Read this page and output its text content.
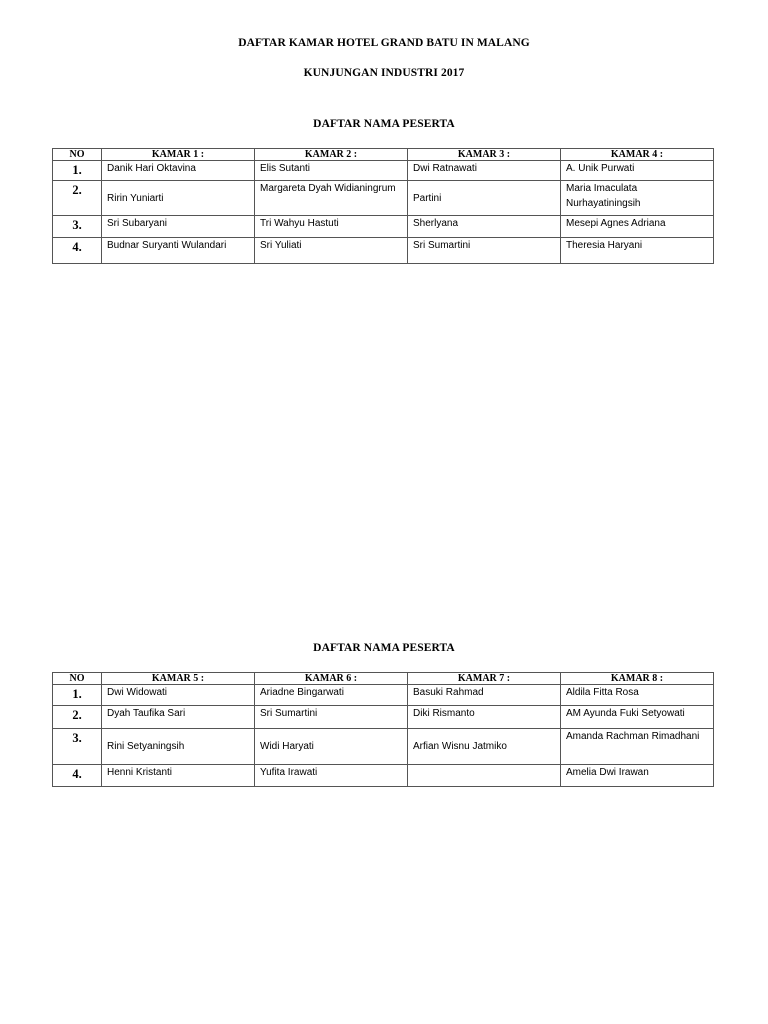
DAFTAR KAMAR HOTEL GRAND BATU IN MALANG
KUNJUNGAN INDUSTRI 2017
DAFTAR NAMA PESERTA
NO	KAMAR 1 :	KAMAR 2 :	KAMAR 3 :	KAMAR 4 :
1.	Danik Hari Oktavina	Elis Sutanti	Dwi Ratnawati	A. Unik Purwati
2.	Ririn Yuniarti	Margareta Dyah Widianingrum	Partini	Maria Imaculata Nurhayatiningsih
3.	Sri Subaryani	Tri Wahyu Hastuti	Sherlyana	Mesepi Agnes Adriana
4.	Budnar Suryanti Wulandari	Sri Yuliati	Sri Sumartini	Theresia Haryani
DAFTAR NAMA PESERTA
NO	KAMAR 5 :	KAMAR 6 :	KAMAR 7 :	KAMAR 8 :
1.	Dwi Widowati	Ariadne Bingarwati	Basuki Rahmad	Aldila Fitta Rosa
2.	Dyah Taufika Sari	Sri Sumartini	Diki Rismanto	AM Ayunda Fuki Setyowati
3.	Rini Setyaningsih	Widi Haryati	Arfian Wisnu Jatmiko	Amanda Rachman Rimadhani
4.	Henni Kristanti	Yufita Irawati		Amelia Dwi Irawan
